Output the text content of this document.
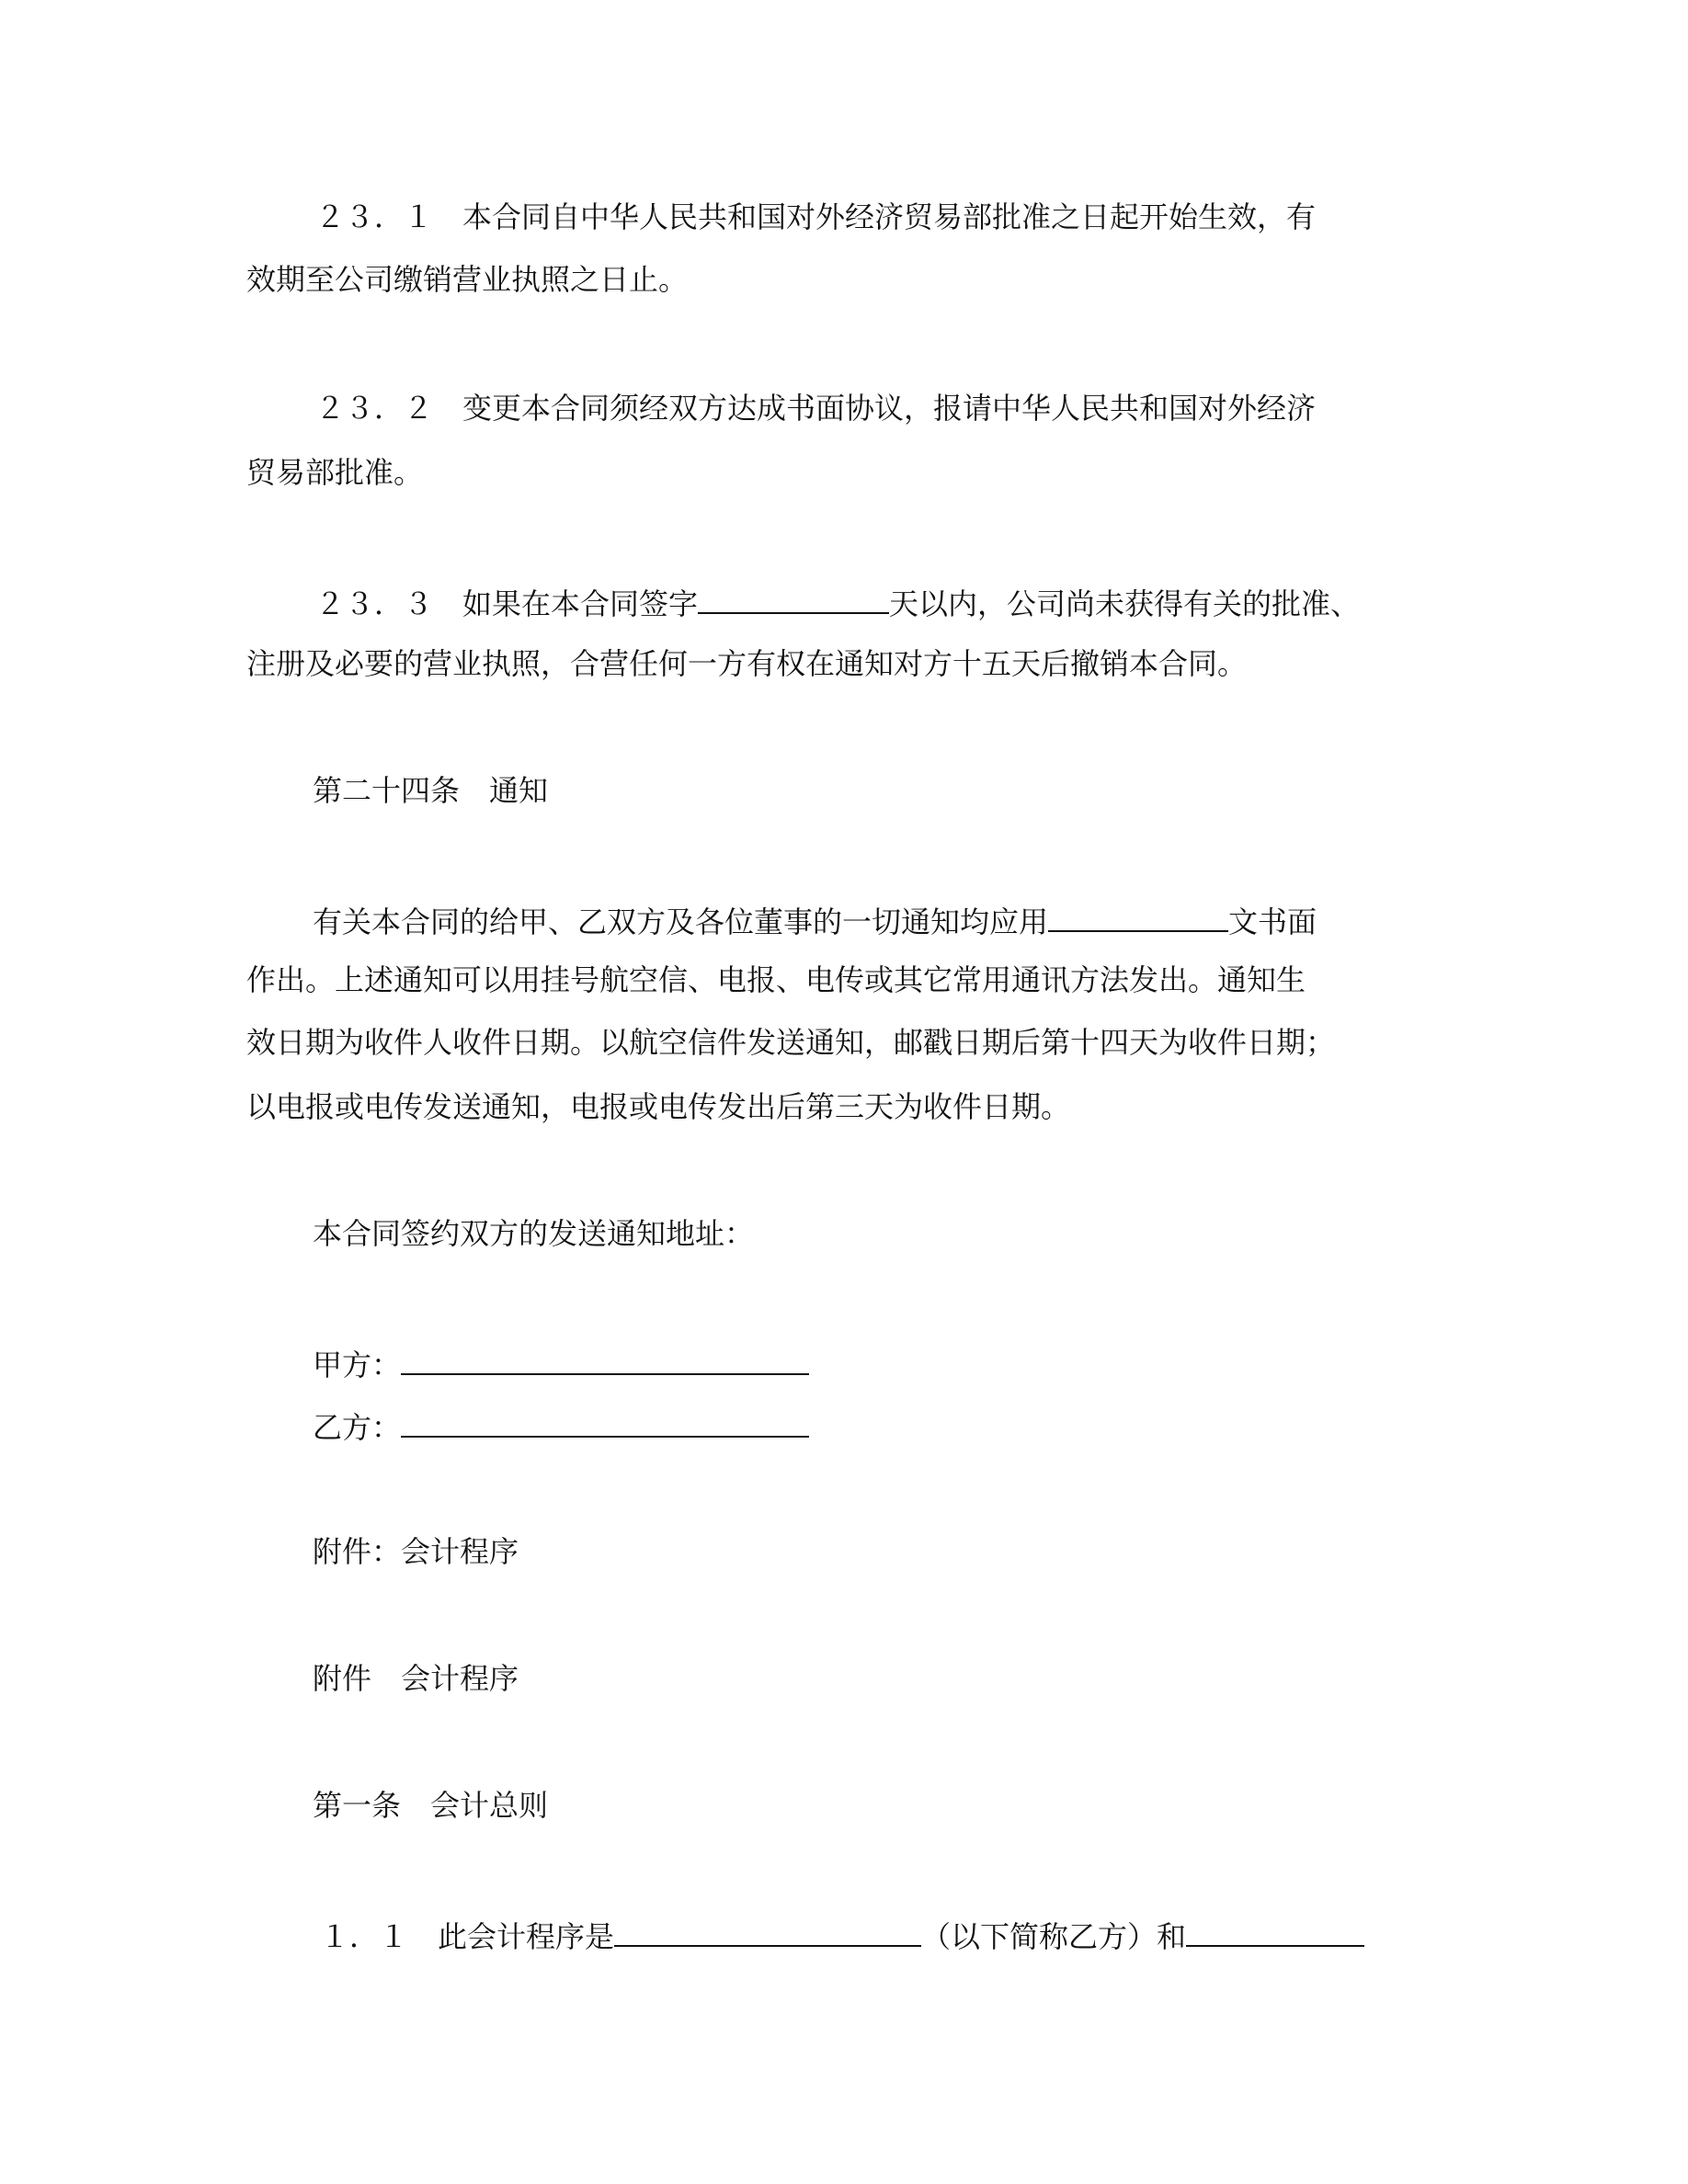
２３．１　本合同自中华人民共和国对外经济贸易部批准之日起开始生效，有
效期至公司缴销营业执照之日止。
２３．２　变更本合同须经双方达成书面协议，报请中华人民共和国对外经济
贸易部批准。
２３．３　如果在本合同签字	天以内，公司尚未获得有关的批准、
注册及必要的营业执照，合营任何一方有权在通知对方十五天后撤销本合同。
第二十四条　通知
有关本合同的给甲、乙双方及各位董事的一切通知均应用	文书面
作出。上述通知可以用挂号航空信、电报、电传或其它常用通讯方法发出。通知生
效日期为收件人收件日期。以航空信件发送通知，邮戳日期后第十四天为收件日期；
以电报或电传发送通知，电报或电传发出后第三天为收件日期。
本合同签约双方的发送通知地址：
甲方：
乙方：
附件：会计程序
附件　会计程序
第一条　会计总则
１．１　此会计程序是	（以下简称乙方）和
